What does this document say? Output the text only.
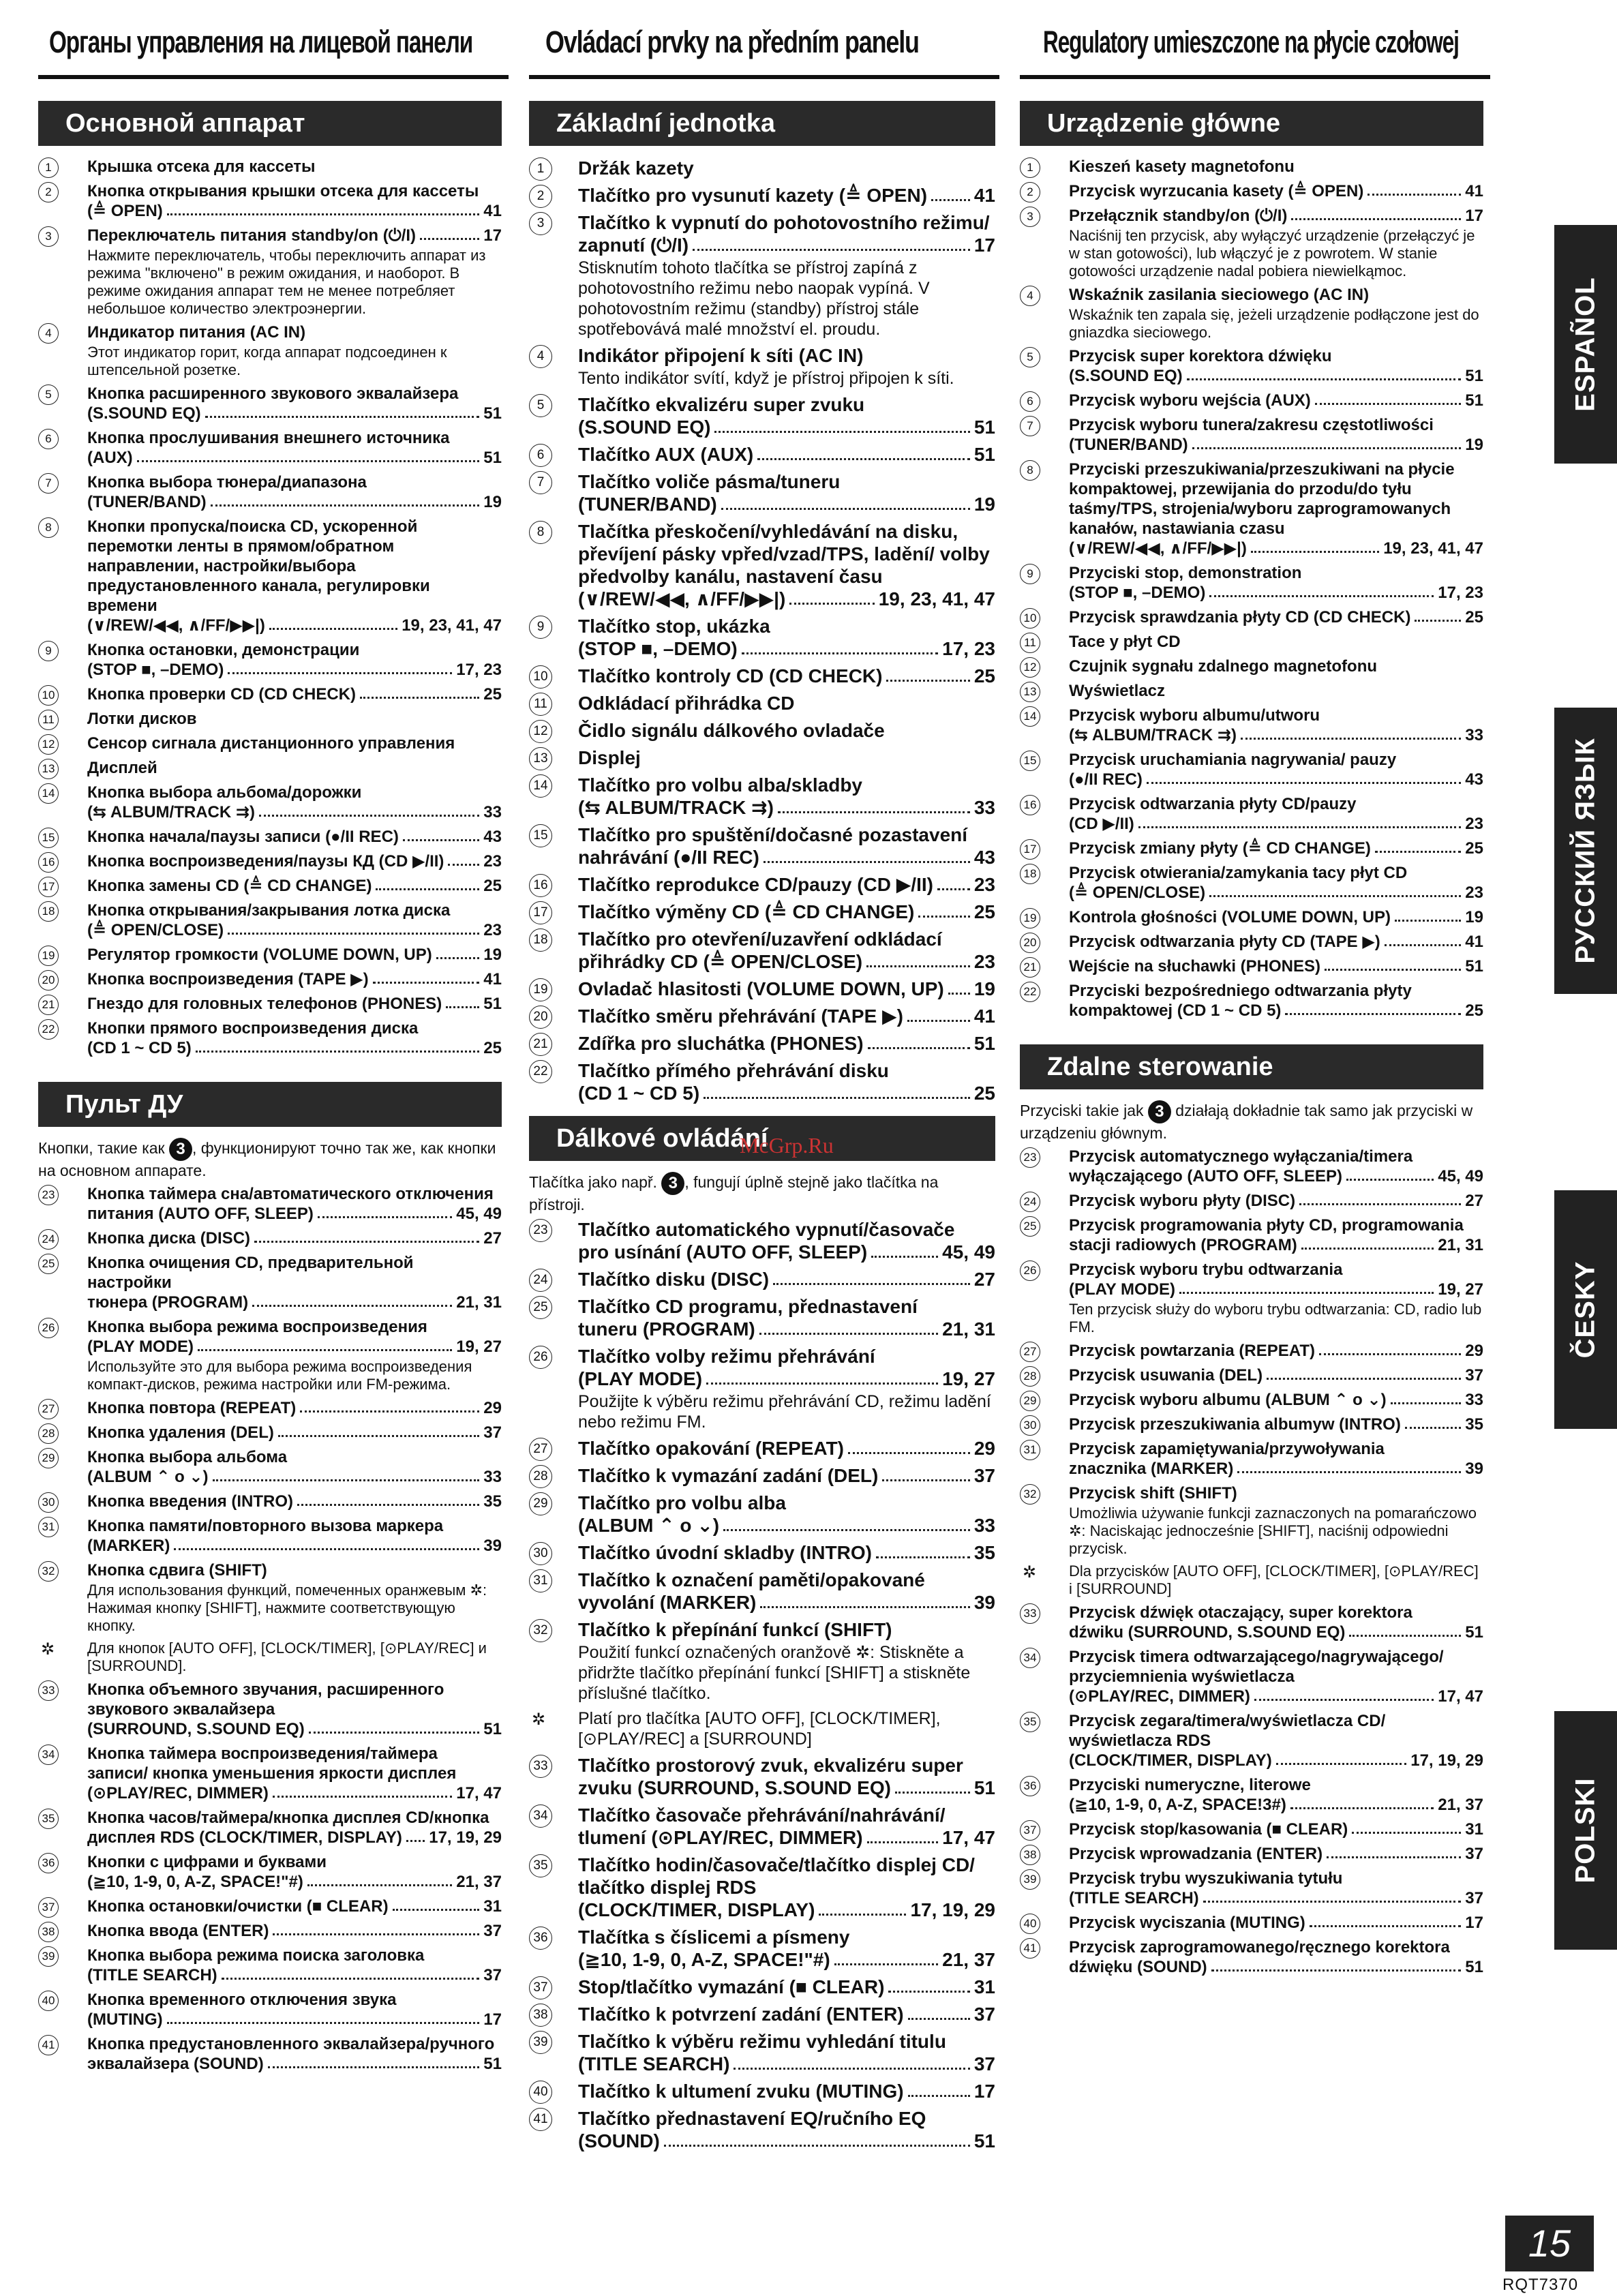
Органы управления на лицевой панели Ovládací prvky na předním panelu	Regulatory umieszczone na płycie czołowej
Основной аппарат
1	Крышка отсека для кассеты
2	Кнопка открывания крышки отсека для кассеты
(≜ OPEN)	41
3	Переключатель питания standby/on (⏻/I)	17
Нажмите переключатель, чтобы переключить аппарат из режима "включено" в режим ожидания, и наоборот. В режиме ожидания аппарат тем не менее потребляет небольшое количество электроэнергии.
4	Индикатор питания (AC IN)
Этот индикатор горит, когда аппарат подсоединен к штепсельной розетке.
5	Кнопка расширенного звукового эквалайзера
(S.SOUND EQ)	51
6	Кнопка прослушивания внешнего источника
(AUX)	51
7	Кнопка выбора тюнера/диапазона
(TUNER/BAND)	19
8	Кнопки пропуска/поиска CD, ускоренной перемотки ленты в прямом/обратном направлении, настройки/выбора предустановленного канала, регулировки времени
(∨/REW/◀◀, ∧/FF/▶▶|)	19, 23, 41, 47
9	Кнопка остановки, демонстрации
(STOP ■, –DEMO)	17, 23
10 Кнопка проверки CD (CD CHECK)	25
11 Лотки дисков
12 Сенсор сигнала дистанционного управления
13 Дисплей
14 Кнопка выбора альбома/дорожки
(⇆ ALBUM/TRACK ⇉)	33
15 Кнопка начала/паузы записи (●/II REC)	43
16 Кнопка воспроизведения/паузы КД (CD ▶/II) 23
17 Кнопка замены CD (≜ CD CHANGE)	25
18 Кнопка открывания/закрывания лотка диска
(≜ OPEN/CLOSE)	23
19 Регулятор громкости (VOLUME DOWN, UP)	19
20 Кнопка воспроизведения (TAPE ▶)	41
21 Гнездо для головных телефонов (PHONES)	51
22 Кнопки прямого воспроизведения диска
(CD 1 ~ CD 5)	25
Пульт ДУ

Кнопки, такие как 3 , функционируют точно так же, как кнопки на основном аппарате.

23 Кнопка таймера сна/автоматического отключения
питания (AUTO OFF, SLEEP)	45, 49
24 Кнопка диска (DISC)	27
25 Кнопка очищения CD, предварительной настройки
тюнера (PROGRAM)	21, 31
26 Кнопка выбора режима воспроизведения
(PLAY MODE)	19, 27
Используйте это для выбора режима воспроизведения компакт-дисков, режима настройки или FM-режима.
27 Кнопка повтора (REPEAT)	29
28 Кнопка удаления (DEL)	37
29 Кнопка выбора альбома
(ALBUM ⌃ o ⌄)	33
30 Кнопка введения (INTRO)	35
31 Кнопка памяти/повторного вызова маркера
(MARKER)	39
32 Кнопка сдвига (SHIFT)
Для использования функций, помеченных оранжевым ✲: Нажимая кнопку [SHIFT], нажмите соответствующую кнопку.
✲ Для кнопок [AUTO OFF], [CLOCK/TIMER], [⊙PLAY/REC] и [SURROUND].
33 Кнопка объемного звучания, расширенного звукового эквалайзера
(SURROUND, S.SOUND EQ)	51
34 Кнопка таймера воспроизведения/таймера записи/ кнопка уменьшения яркости дисплея
(⊙PLAY/REC, DIMMER)	17, 47
35 Кнопка часов/таймера/кнопка дисплея CD/кнопка
дисплея RDS (CLOCK/TIMER, DISPLAY) 17, 19, 29
36 Кнопки с цифрами и буквами
(≧10, 1-9, 0, A-Z, SPACE!"#)	21, 37
37 Кнопка остановки/очистки (■ CLEAR)	31
38 Кнопка ввода (ENTER)	37
39 Кнопка выбора режима поиска заголовка
(TITLE SEARCH)	37
40 Кнопка временного отключения звука
(MUTING)	17
41 Кнопка предустановленного эквалайзера/ручного
эквалайзера (SOUND)	51
Základní jednotka
1	Držák kazety
2	Tlačítko pro vysunutí kazety (≜ OPEN) 41
3	Tlačítko k vypnutí do pohotovostního režimu/
zapnutí (⏻/I)	17
Stisknutím tohoto tlačítka se přístroj zapíná z pohotovostního režimu nebo naopak vypíná. V pohotovostním režimu (standby) přístroj stále spotřebovává malé množství el. proudu.
4	Indikátor připojení k síti (AC IN)
Tento indikátor svítí, když je přístroj připojen k síti.
5	Tlačítko ekvalizéru super zvuku
(S.SOUND EQ)	51
6	Tlačítko AUX (AUX)	51
7	Tlačítko voliče pásma/tuneru
(TUNER/BAND)	19
8	Tlačítka přeskočení/vyhledávání na disku, převíjení pásky vpřed/vzad/TPS, ladění/ volby předvolby kanálu, nastavení času
(∨/REW/◀◀, ∧/FF/▶▶|)	19, 23, 41, 47
9	Tlačítko stop, ukázka
(STOP ■, –DEMO)	17, 23
10 Tlačítko kontroly CD (CD CHECK)	25
11 Odkládací přihrádka CD
12 Čidlo signálu dálkového ovladače
13 Displej
14 Tlačítko pro volbu alba/skladby
(⇆ ALBUM/TRACK ⇉)	33
15 Tlačítko pro spuštění/dočasné pozastavení
nahrávání (●/II REC)	43
16 Tlačítko reprodukce CD/pauzy (CD ▶/II) 23
17 Tlačítko výměny CD (≜ CD CHANGE)	25
18 Tlačítko pro otevření/uzavření odkládací
přihrádky CD (≜ OPEN/CLOSE)	23
19 Ovladač hlasitosti (VOLUME DOWN, UP) 19
20 Tlačítko směru přehrávání (TAPE ▶)	41
21 Zdířka pro sluchátka (PHONES)	51
22 Tlačítko přímého přehrávání disku
(CD 1 ~ CD 5)	25
Dálkové ovládání

Tlačítka jako např. 3 , fungují úplně stejně jako tlačítka na přístroji.

23 Tlačítko automatického vypnutí/časovače
pro usínání (AUTO OFF, SLEEP)	45, 49
24 Tlačítko disku (DISC)	27
25 Tlačítko CD programu, přednastavení
tuneru (PROGRAM)	21, 31
26 Tlačítko volby režimu přehrávání
(PLAY MODE)	19, 27
Použijte k výběru režimu přehrávání CD, režimu ladění nebo režimu FM.
27 Tlačítko opakování (REPEAT)	29
28 Tlačítko k vymazání zadání (DEL)	37
29 Tlačítko pro volbu alba
(ALBUM ⌃ o ⌄)	33
30 Tlačítko úvodní skladby (INTRO)	35
31 Tlačítko k označení paměti/opakované
vyvolání (MARKER)	39
32 Tlačítko k přepínání funkcí (SHIFT)
Použití funkcí označených oranžově ✲: Stiskněte a přidržte tlačítko přepínání funkcí [SHIFT] a stiskněte příslušné tlačítko.
✲ Platí pro tlačítka [AUTO OFF], [CLOCK/TIMER], [⊙PLAY/REC] a [SURROUND]
33 Tlačítko prostorový zvuk, ekvalizéru super
zvuku (SURROUND, S.SOUND EQ)	51
34 Tlačítko časovače přehrávání/nahrávání/
tlumení (⊙PLAY/REC, DIMMER)	17, 47
35 Tlačítko hodin/časovače/tlačítko displej CD/ tlačítko displej RDS
(CLOCK/TIMER, DISPLAY)	17, 19, 29
36 Tlačítka s číslicemi a písmeny
(≧10, 1-9, 0, A-Z, SPACE!"#)	21, 37
37 Stop/tlačítko vymazání (■ CLEAR)	31
38 Tlačítko k potvrzení zadání (ENTER)	37
39 Tlačítko k výběru režimu vyhledání titulu
(TITLE SEARCH)	37
40 Tlačítko k ultumení zvuku (MUTING)	17
41 Tlačítko přednastavení EQ/ručního EQ
(SOUND)	51
Urządzenie główne
1	Kieszeń kasety magnetofonu
2	Przycisk wyrzucania kasety (≜ OPEN)	41
3	Przełącznik standby/on (⏻/I)	17
Naciśnij ten przycisk, aby wyłączyć urządzenie (przełączyć je w stan gotowości), lub włączyć je z powrotem. W stanie gotowości urządzenie nadal pobiera niewielkąmoc.
4	Wskaźnik zasilania sieciowego (AC IN)
Wskaźnik ten zapala się, jeżeli urządzenie podłączone jest do gniazdka sieciowego.
5	Przycisk super korektora dźwięku
(S.SOUND EQ)	51
6	Przycisk wyboru wejścia (AUX)	51
7	Przycisk wyboru tunera/zakresu częstotliwości
(TUNER/BAND)	19
8	Przyciski przeszukiwania/przeszukiwani na płycie kompaktowej, przewijania do przodu/do tyłu taśmy/TPS, strojenia/wyboru zaprogramowanych kanałów, nastawiania czasu
(∨/REW/◀◀, ∧/FF/▶▶|)	19, 23, 41, 47
9	Przyciski stop, demonstration
(STOP ■, –DEMO)	17, 23
10 Przycisk sprawdzania płyty CD (CD CHECK)	25
11 Tace y płyt CD
12 Czujnik sygnału zdalnego magnetofonu
13 Wyświetlacz
14 Przycisk wyboru albumu/utworu
(⇆ ALBUM/TRACK ⇉)	33
15 Przycisk uruchamiania nagrywania/ pauzy
(●/II REC)	43
16 Przycisk odtwarzania płyty CD/pauzy
(CD ▶/II)	23
17 Przycisk zmiany płyty (≜ CD CHANGE)	25
18 Przycisk otwierania/zamykania tacy płyt CD
(≜ OPEN/CLOSE)	23
19 Kontrola głośności (VOLUME DOWN, UP)	19
20 Przycisk odtwarzania płyty CD (TAPE ▶)	41
21 Wejście na słuchawki (PHONES)	51
22 Przyciski bezpośredniego odtwarzania płyty
kompaktowej (CD 1 ~ CD 5)	25
Zdalne sterowanie

Przyciski takie jak 3 działają dokładnie tak samo jak przyciski w urządzeniu głównym.

23 Przycisk automatycznego wyłączania/timera
wyłączającego (AUTO OFF, SLEEP)	45, 49
24 Przycisk wyboru płyty (DISC)	27
25 Przycisk programowania płyty CD, programowania
stacji radiowych (PROGRAM)	21, 31
26 Przycisk wyboru trybu odtwarzania
(PLAY MODE)	19, 27
Ten przycisk służy do wyboru trybu odtwarzania: CD, radio lub FM.
27 Przycisk powtarzania (REPEAT)	29
28 Przycisk usuwania (DEL)	37
29 Przycisk wyboru albumu (ALBUM ⌃ o ⌄)	33
30 Przycisk przeszukiwania albumyw (INTRO)	35
31 Przycisk zapamiętywania/przywoływania
znacznika (MARKER)	39
32 Przycisk shift (SHIFT)
Umożliwia używanie funkcji zaznaczonych na pomarańczowo ✲: Naciskając jednocześnie [SHIFT], naciśnij odpowiedni przycisk.
✲ Dla przycisków [AUTO OFF], [CLOCK/TIMER], [⊙PLAY/REC] i [SURROUND]
33 Przycisk dźwięk otaczający, super korektora
dźwiku (SURROUND, S.SOUND EQ)	51
34 Przycisk timera odtwarzającego/nagrywającego/ przyciemnienia wyświetlacza
(⊙PLAY/REC, DIMMER)	17, 47
35 Przycisk zegara/timera/wyświetlacza CD/ wyświetlacza RDS
(CLOCK/TIMER, DISPLAY)	17, 19, 29
36 Przyciski numeryczne, literowe
(≧10, 1-9, 0, A-Z, SPACE!3#)	21, 37
37 Przycisk stop/kasowania (■ CLEAR)	31
38 Przycisk wprowadzania (ENTER)	37
39 Przycisk trybu wyszukiwania tytułu
(TITLE SEARCH)	37
40 Przycisk wyciszania (MUTING)	17
41 Przycisk zaprogramowanego/ręcznego korektora
dźwięku (SOUND)	51
ESPAÑOL
РУССКИЙ ЯЗЫК
ČESKY
POLSKI
15
RQT7370
McGrp.Ru
